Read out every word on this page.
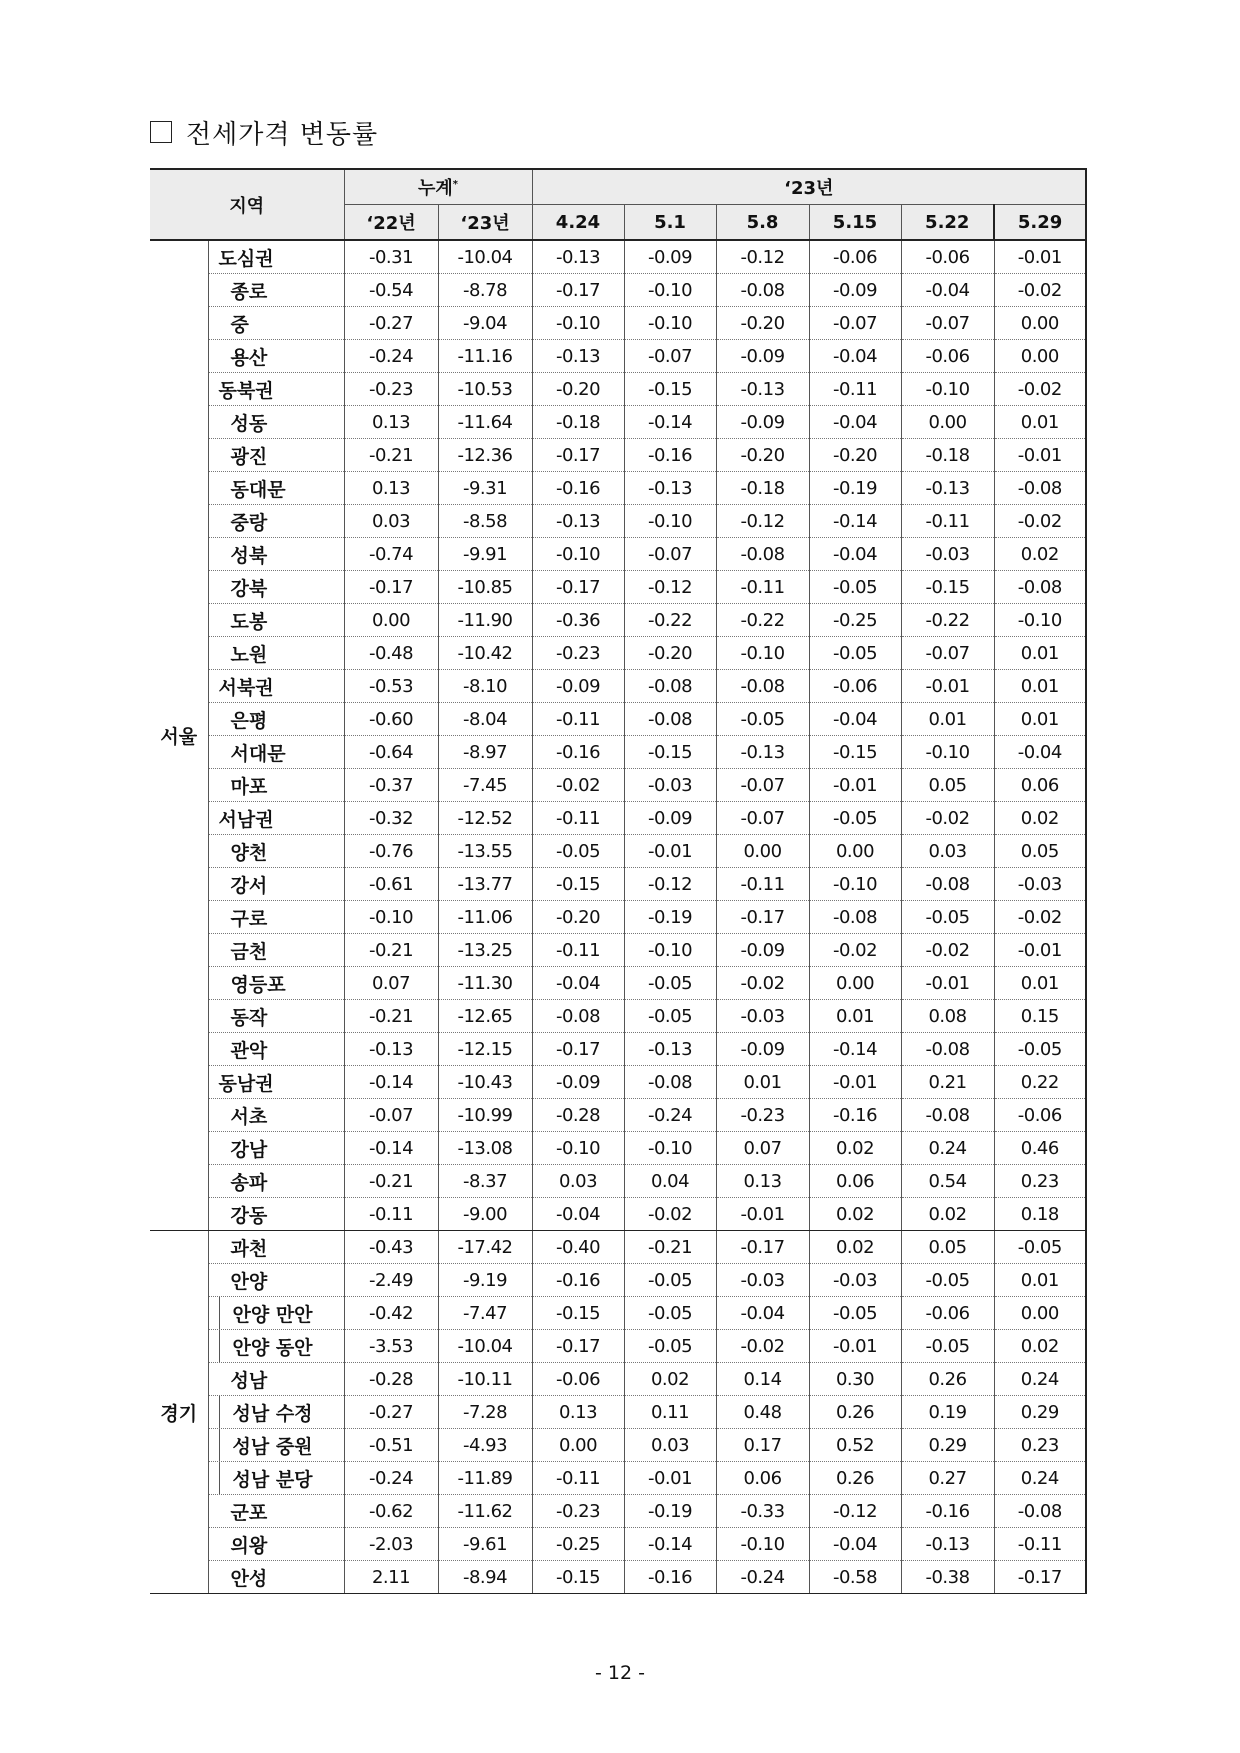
전세가격 변동률
지역		누계*		‘23년					
		‘22년	‘23년	4.24	5.1	5.8	5.15	5.22	5.29
서울	도심권	-0.31	-10.04	-0.13	-0.09	-0.12	-0.06	-0.06	-0.01
	종로	-0.54	-8.78	-0.17	-0.10	-0.08	-0.09	-0.04	-0.02
	중	-0.27	-9.04	-0.10	-0.10	-0.20	-0.07	-0.07	0.00
	용산	-0.24	-11.16	-0.13	-0.07	-0.09	-0.04	-0.06	0.00
	동북권	-0.23	-10.53	-0.20	-0.15	-0.13	-0.11	-0.10	-0.02
	성동	0.13	-11.64	-0.18	-0.14	-0.09	-0.04	0.00	0.01
	광진	-0.21	-12.36	-0.17	-0.16	-0.20	-0.20	-0.18	-0.01
	동대문	0.13	-9.31	-0.16	-0.13	-0.18	-0.19	-0.13	-0.08
	중랑	0.03	-8.58	-0.13	-0.10	-0.12	-0.14	-0.11	-0.02
	성북	-0.74	-9.91	-0.10	-0.07	-0.08	-0.04	-0.03	0.02
	강북	-0.17	-10.85	-0.17	-0.12	-0.11	-0.05	-0.15	-0.08
	도봉	0.00	-11.90	-0.36	-0.22	-0.22	-0.25	-0.22	-0.10
	노원	-0.48	-10.42	-0.23	-0.20	-0.10	-0.05	-0.07	0.01
	서북권	-0.53	-8.10	-0.09	-0.08	-0.08	-0.06	-0.01	0.01
	은평	-0.60	-8.04	-0.11	-0.08	-0.05	-0.04	0.01	0.01
	서대문	-0.64	-8.97	-0.16	-0.15	-0.13	-0.15	-0.10	-0.04
	마포	-0.37	-7.45	-0.02	-0.03	-0.07	-0.01	0.05	0.06
	서남권	-0.32	-12.52	-0.11	-0.09	-0.07	-0.05	-0.02	0.02
	양천	-0.76	-13.55	-0.05	-0.01	0.00	0.00	0.03	0.05
	강서	-0.61	-13.77	-0.15	-0.12	-0.11	-0.10	-0.08	-0.03
	구로	-0.10	-11.06	-0.20	-0.19	-0.17	-0.08	-0.05	-0.02
	금천	-0.21	-13.25	-0.11	-0.10	-0.09	-0.02	-0.02	-0.01
	영등포	0.07	-11.30	-0.04	-0.05	-0.02	0.00	-0.01	0.01
	동작	-0.21	-12.65	-0.08	-0.05	-0.03	0.01	0.08	0.15
	관악	-0.13	-12.15	-0.17	-0.13	-0.09	-0.14	-0.08	-0.05
	동남권	-0.14	-10.43	-0.09	-0.08	0.01	-0.01	0.21	0.22
	서초	-0.07	-10.99	-0.28	-0.24	-0.23	-0.16	-0.08	-0.06
	강남	-0.14	-13.08	-0.10	-0.10	0.07	0.02	0.24	0.46
	송파	-0.21	-8.37	0.03	0.04	0.13	0.06	0.54	0.23
	강동	-0.11	-9.00	-0.04	-0.02	-0.01	0.02	0.02	0.18
경기	과천	-0.43	-17.42	-0.40	-0.21	-0.17	0.02	0.05	-0.05
	안양	-2.49	-9.19	-0.16	-0.05	-0.03	-0.03	-0.05	0.01
	안양 만안	-0.42	-7.47	-0.15	-0.05	-0.04	-0.05	-0.06	0.00
	안양 동안	-3.53	-10.04	-0.17	-0.05	-0.02	-0.01	-0.05	0.02
	성남	-0.28	-10.11	-0.06	0.02	0.14	0.30	0.26	0.24
	성남 수정	-0.27	-7.28	0.13	0.11	0.48	0.26	0.19	0.29
	성남 중원	-0.51	-4.93	0.00	0.03	0.17	0.52	0.29	0.23
	성남 분당	-0.24	-11.89	-0.11	-0.01	0.06	0.26	0.27	0.24
	군포	-0.62	-11.62	-0.23	-0.19	-0.33	-0.12	-0.16	-0.08
	의왕	-2.03	-9.61	-0.25	-0.14	-0.10	-0.04	-0.13	-0.11
	안성	2.11	-8.94	-0.15	-0.16	-0.24	-0.58	-0.38	-0.17
- 12 -
